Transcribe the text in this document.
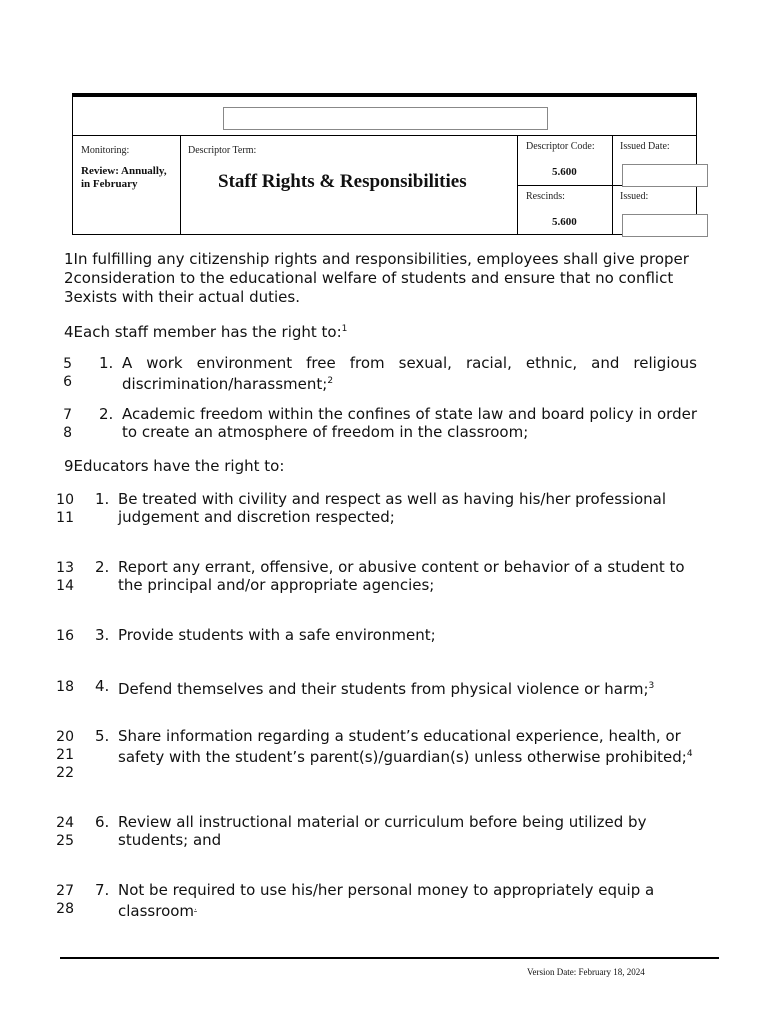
Monitoring:
Review: Annually, in February
Descriptor Term:
Staff Rights & Responsibilities
Descriptor Code:
5.600
Issued Date:
Rescinds:
5.600
Issued:
1In fulfilling any citizenship rights and responsibilities, employees shall give proper
2consideration to the educational welfare of students and ensure that no conflict
3exists with their actual duties.
4Each staff member has the right to:$^1$
5
6
1. A work environment free from sexual, racial, ethnic, and religious discrimination/harassment;$^2$
7
8
2. Academic freedom within the confines of state law and board policy in order to create an atmosphere of freedom in the classroom;
9Educators have the right to:
10
11
1. Be treated with civility and respect as well as having his/her professional
judgement and discretion respected;
13
14
2. Report any errant, offensive, or abusive content or behavior of a student to
the principal and/or appropriate agencies;
16 3. Provide students with a safe environment;
18 4. Defend themselves and their students from physical violence or harm;$^3$
20
21
22
5. Share information regarding a student’s educational experience, health, or
safety with the student’s parent(s)/guardian(s) unless otherwise prohibited;$^4$
24
25
6. Review all instructional material or curriculum before being utilized by
students; and
27
28
7. Not be required to use his/her personal money to appropriately equip a
classroom.
Version Date: February 18, 2024
